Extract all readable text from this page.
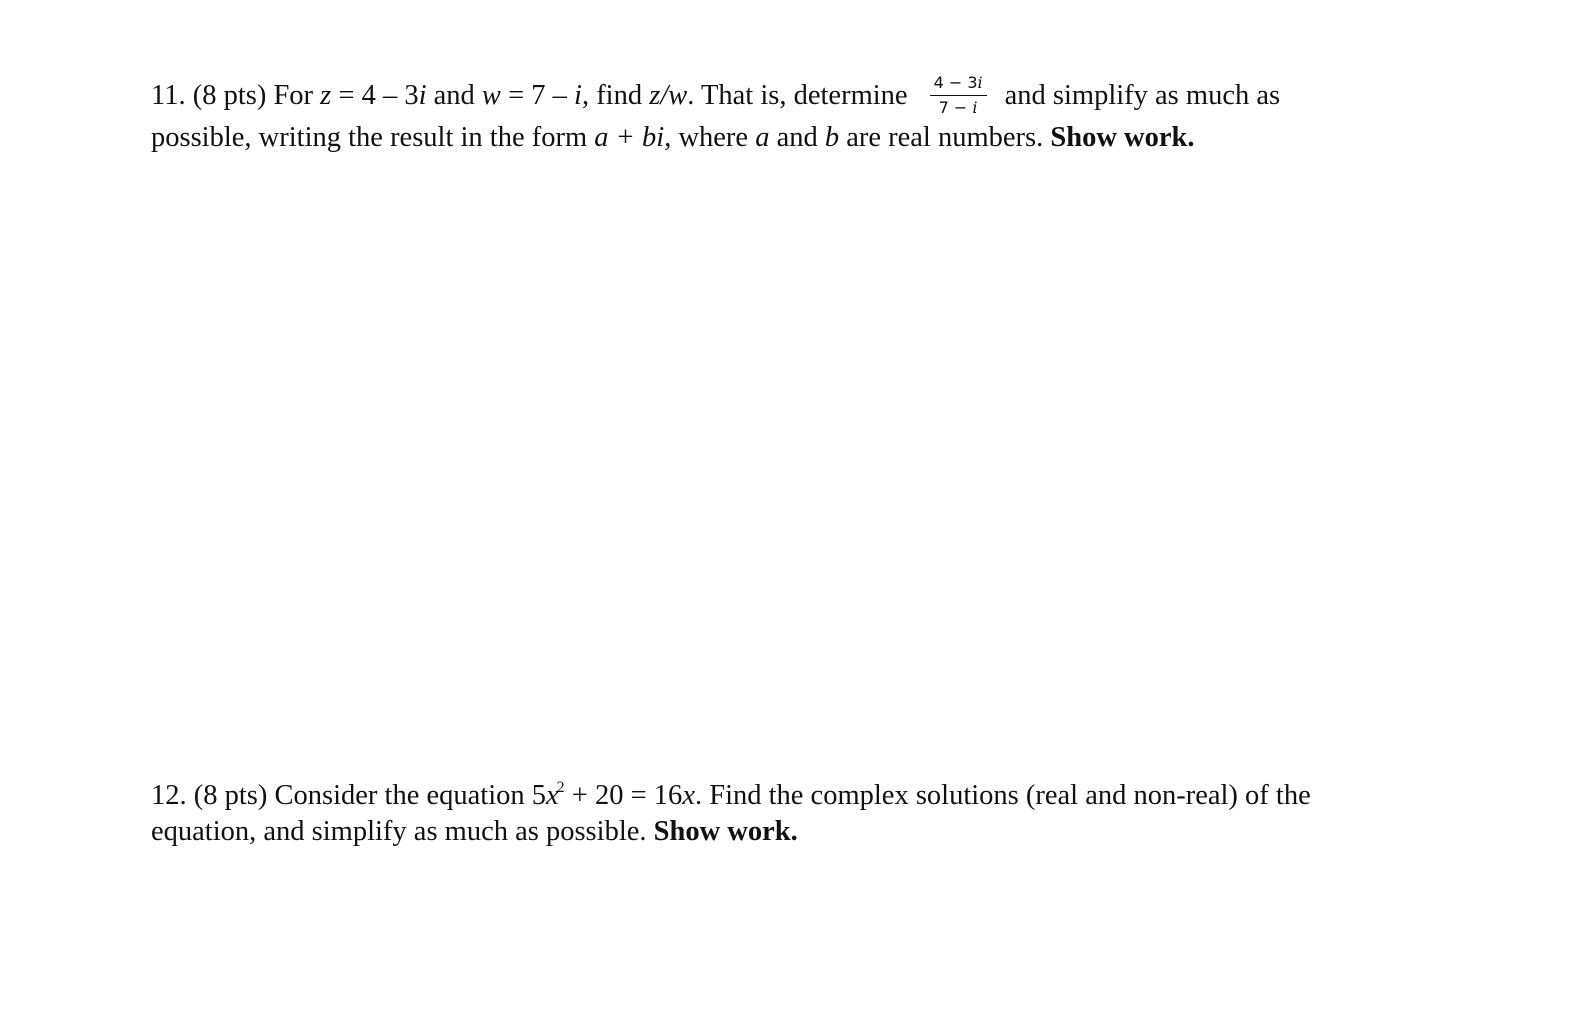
11. (8 pts) For z = 4 – 3i and w = 7 – i, find z/w. That is, determine $\frac{4 - 3i}{7 - i}$ and simplify as much as
possible, writing the result in the form a + bi, where a and b are real numbers. Show work.
12. (8 pts) Consider the equation $5x^2 + 20 = 16x$. Find the complex solutions (real and non-real) of the
equation, and simplify as much as possible. Show work.
